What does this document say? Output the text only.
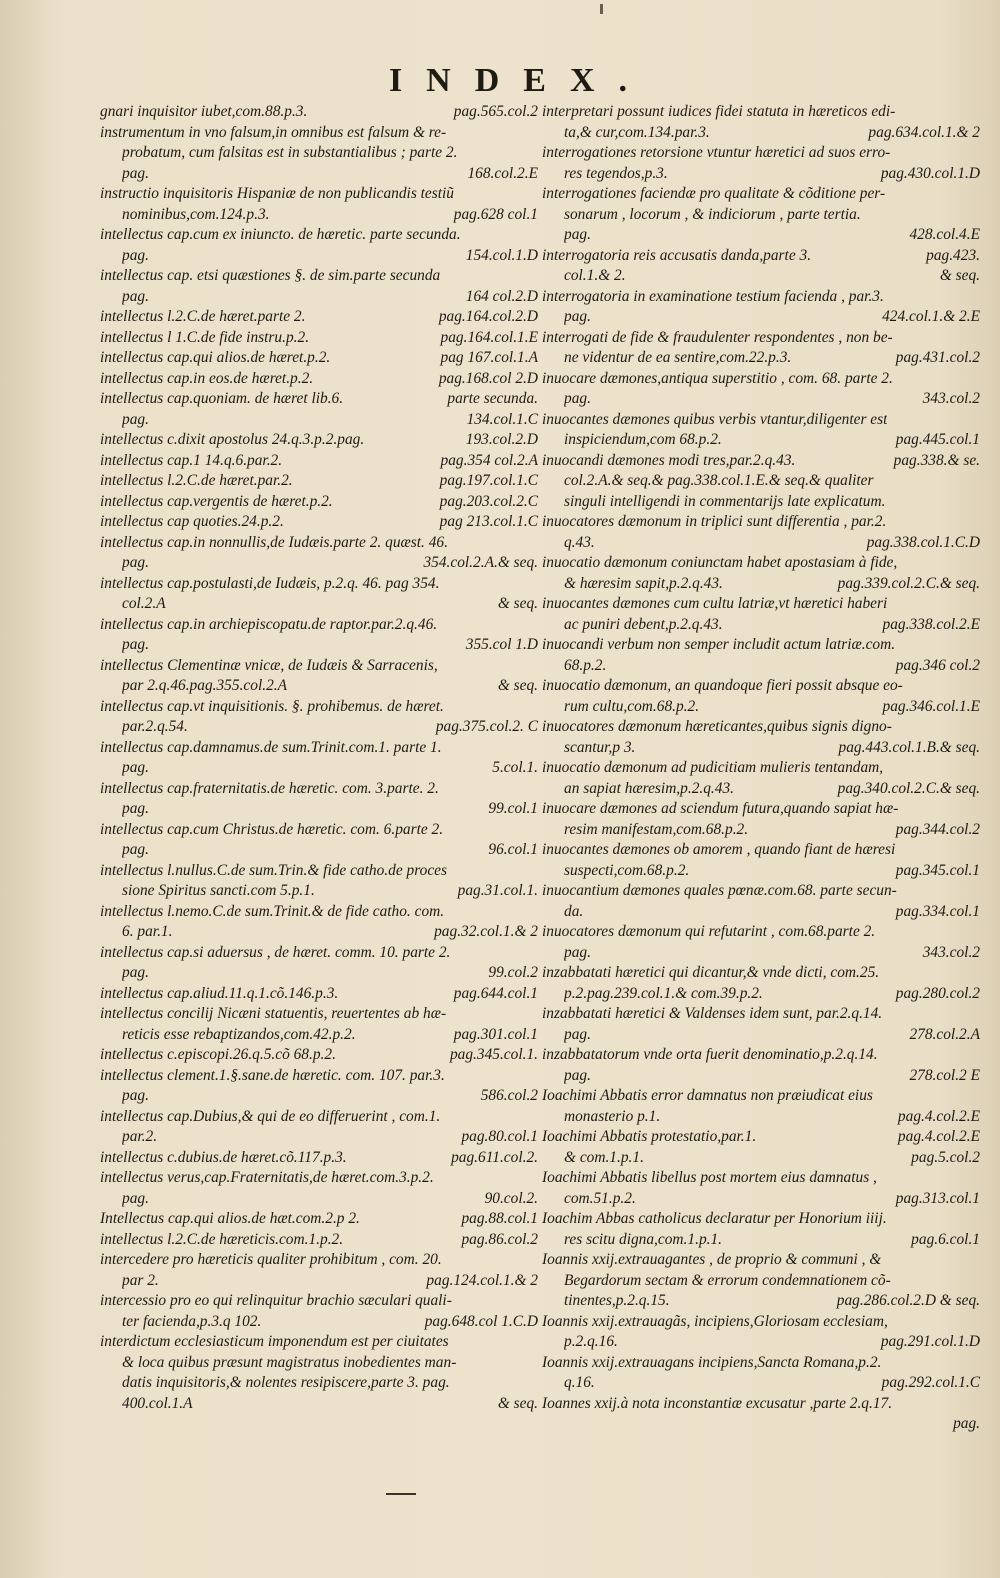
INDEX.
gnari inquisitor iubet,com.88.p.3.	pag.565.col.2
instrumentum in vno falsum,in omnibus est falsum & re-
probatum, cum falsitas est in substantialibus ; parte 2.
pag.	168.col.2.E
instructio inquisitoris Hispaniæ de non publicandis testiũ
nominibus,com.124.p.3.	pag.628 col.1
intellectus cap.cum ex iniuncto. de hæretic. parte secunda.
pag.	154.col.1.D
intellectus cap. etsi quæstiones §. de sim.parte secunda
pag.	164 col.2.D
intellectus l.2.C.de hæret.parte 2.	pag.164.col.2.D
intellectus l 1.C.de fide instru.p.2.	pag.164.col.1.E
intellectus cap.qui alios.de hæret.p.2.	pag 167.col.1.A
intellectus cap.in eos.de hæret.p.2.	pag.168.col 2.D
intellectus cap.quoniam. de hæret lib.6.	parte secunda.
pag.	134.col.1.C
intellectus c.dixit apostolus 24.q.3.p.2.pag.	193.col.2.D
intellectus cap.1 14.q.6.par.2.	pag.354 col.2.A
intellectus l.2.C.de hæret.par.2.	pag.197.col.1.C
intellectus cap.vergentis de hæret.p.2.	pag.203.col.2.C
intellectus cap quoties.24.p.2.	pag 213.col.1.C
intellectus cap.in nonnullis,de Iudæis.parte 2. quæst. 46.
pag.	354.col.2.A.& seq.
intellectus cap.postulasti,de Iudæis, p.2.q. 46. pag 354.
col.2.A	& seq.
intellectus cap.in archiepiscopatu.de raptor.par.2.q.46.
pag.	355.col 1.D
intellectus Clementinæ vnicæ, de Iudæis & Sarracenis,
par 2.q.46.pag.355.col.2.A	& seq.
intellectus cap.vt inquisitionis. §. prohibemus. de hæret.
par.2.q.54.	pag.375.col.2. C
intellectus cap.damnamus.de sum.Trinit.com.1. parte 1.
pag.	5.col.1.
intellectus cap.fraternitatis.de hæretic. com. 3.parte. 2.
pag.	99.col.1
intellectus cap.cum Christus.de hæretic. com. 6.parte 2.
pag.	96.col.1
intellectus l.nullus.C.de sum.Trin.& fide catho.de proces
sione Spiritus sancti.com 5.p.1.	pag.31.col.1.
intellectus l.nemo.C.de sum.Trinit.& de fide catho. com.
6. par.1.	pag.32.col.1.& 2
intellectus cap.si aduersus , de hæret. comm. 10. parte 2.
pag.	99.col.2
intellectus cap.aliud.11.q.1.cõ.146.p.3.	pag.644.col.1
intellectus concilij Nicæni statuentis, reuertentes ab hæ-
reticis esse rebaptizandos,com.42.p.2.	pag.301.col.1
intellectus c.episcopi.26.q.5.cõ 68.p.2.	pag.345.col.1.
intellectus clement.1.§.sane.de hæretic. com. 107. par.3.
pag.	586.col.2
intellectus cap.Dubius,& qui de eo differuerint , com.1.
par.2.	pag.80.col.1
intellectus c.dubius.de hæret.cõ.117.p.3.	pag.611.col.2.
intellectus verus,cap.Fraternitatis,de hæret.com.3.p.2.
pag.	90.col.2.
Intellectus cap.qui alios.de hæt.com.2.p 2.	pag.88.col.1
intellectus l.2.C.de hæreticis.com.1.p.2.	pag.86.col.2
intercedere pro hæreticis qualiter prohibitum , com. 20.
par 2.	pag.124.col.1.& 2
intercessio pro eo qui relinquitur brachio sæculari quali-
ter facienda,p.3.q 102.	pag.648.col 1.C.D
interdictum ecclesiasticum imponendum est per ciuitates
& loca quibus præsunt magistratus inobedientes man-
datis inquisitoris,& nolentes resipiscere,parte 3. pag.
400.col.1.A	& seq.
interpretari possunt iudices fidei statuta in hæreticos edi-
ta,& cur,com.134.par.3.	pag.634.col.1.& 2
interrogationes retorsione vtuntur hæretici ad suos erro-
res tegendos,p.3.	pag.430.col.1.D
interrogationes faciendæ pro qualitate & cõditione per-
sonarum , locorum , & indiciorum , parte tertia.
pag.	428.col.4.E
interrogatoria reis accusatis danda,parte 3.	pag.423.
col.1.& 2.	& seq.
interrogatoria in examinatione testium facienda , par.3.
pag.	424.col.1.& 2.E
interrogati de fide & fraudulenter respondentes , non be-
ne videntur de ea sentire,com.22.p.3.	pag.431.col.2
inuocare dæmones,antiqua superstitio , com. 68. parte 2.
pag.	343.col.2
inuocantes dæmones quibus verbis vtantur,diligenter est
inspiciendum,com 68.p.2.	pag.445.col.1
inuocandi dæmones modi tres,par.2.q.43.	pag.338.& se.
col.2.A.& seq.& pag.338.col.1.E.& seq.& qualiter
singuli intelligendi in commentarijs late explicatum.
inuocatores dæmonum in triplici sunt differentia , par.2.
q.43.	pag.338.col.1.C.D
inuocatio dæmonum coniunctam habet apostasiam à fide,
& hæresim sapit,p.2.q.43.	pag.339.col.2.C.& seq.
inuocantes dæmones cum cultu latriæ,vt hæretici haberi
ac puniri debent,p.2.q.43.	pag.338.col.2.E
inuocandi verbum non semper includit actum latriæ.com.
68.p.2.	pag.346 col.2
inuocatio dæmonum, an quandoque fieri possit absque eo-
rum cultu,com.68.p.2.	pag.346.col.1.E
inuocatores dæmonum hæreticantes,quibus signis digno-
scantur,p 3.	pag.443.col.1.B.& seq.
inuocatio dæmonum ad pudicitiam mulieris tentandam,
an sapiat hæresim,p.2.q.43.	pag.340.col.2.C.& seq.
inuocare dæmones ad sciendum futura,quando sapiat hæ-
resim manifestam,com.68.p.2.	pag.344.col.2
inuocantes dæmones ob amorem , quando fiant de hæresi
suspecti,com.68.p.2.	pag.345.col.1
inuocantium dæmones quales pœnæ.com.68. parte secun-
da.	pag.334.col.1
inuocatores dæmonum qui refutarint , com.68.parte 2.
pag.	343.col.2
inzabbatati hæretici qui dicantur,& vnde dicti, com.25.
p.2.pag.239.col.1.& com.39.p.2.	pag.280.col.2
inzabbatati hæretici & Valdenses idem sunt, par.2.q.14.
pag.	278.col.2.A
inzabbatatorum vnde orta fuerit denominatio,p.2.q.14.
pag.	278.col.2 E
Ioachimi Abbatis error damnatus non præiudicat eius
monasterio p.1.	pag.4.col.2.E
Ioachimi Abbatis protestatio,par.1.	pag.4.col.2.E
& com.1.p.1.	pag.5.col.2
Ioachimi Abbatis libellus post mortem eius damnatus ,
com.51.p.2.	pag.313.col.1
Ioachim Abbas catholicus declaratur per Honorium iiij.
res scitu digna,com.1.p.1.	pag.6.col.1
Ioannis xxij.extrauagantes , de proprio & communi , &
Begardorum sectam & errorum condemnationem cõ-
tinentes,p.2.q.15.	pag.286.col.2.D & seq.
Ioannis xxij.extrauagãs, incipiens,Gloriosam ecclesiam,
p.2.q.16.	pag.291.col.1.D
Ioannis xxij.extrauagans incipiens,Sancta Romana,p.2.
q.16.	pag.292.col.1.C
Ioannes xxij.à nota inconstantiæ excusatur ,parte 2.q.17.
pag.
